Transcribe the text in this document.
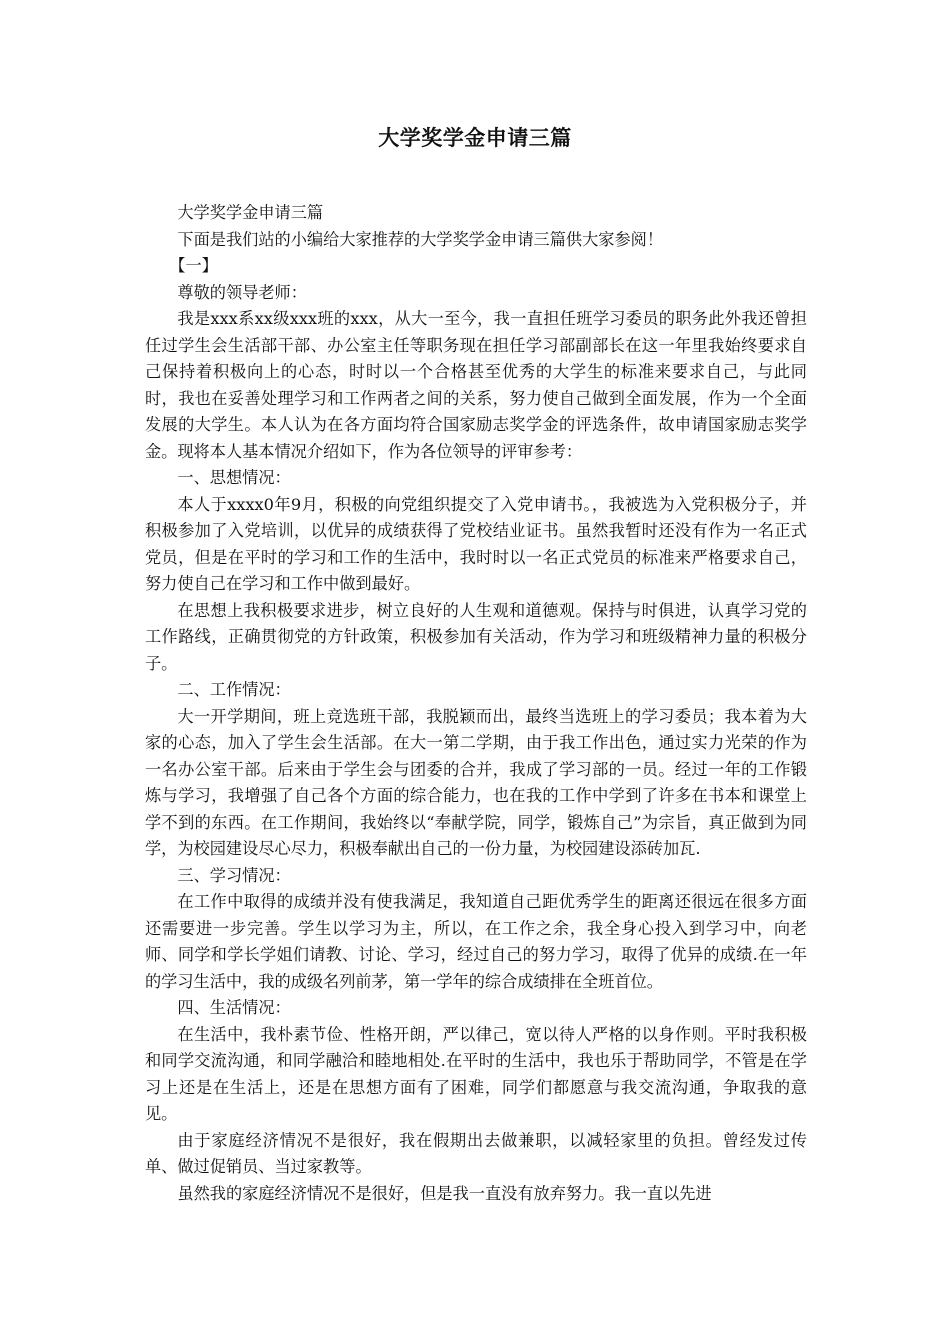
大学奖学金申请三篇

大学奖学金申请三篇

下面是我们站的小编给大家推荐的大学奖学金申请三篇供大家参阅！

【一】

尊敬的领导老师：

我是xxx系xx级xxx班的xxx，从大一至今，我一直担任班学习委员的职务此外我还曾担任过学生会生活部干部、办公室主任等职务现在担任学习部副部长在这一年里我始终要求自己保持着积极向上的心态，时时以一个合格甚至优秀的大学生的标准来要求自己，与此同时，我也在妥善处理学习和工作两者之间的关系，努力使自己做到全面发展，作为一个全面发展的大学生。本人认为在各方面均符合国家励志奖学金的评选条件，故申请国家励志奖学金。现将本人基本情况介绍如下，作为各位领导的评审参考：

一、思想情况：

本人于xxxx0年9月，积极的向党组织提交了入党申请书。，我被选为入党积极分子，并积极参加了入党培训，以优异的成绩获得了党校结业证书。虽然我暂时还没有作为一名正式党员，但是在平时的学习和工作的生活中，我时时以一名正式党员的标准来严格要求自己，努力使自己在学习和工作中做到最好。

在思想上我积极要求进步，树立良好的人生观和道德观。保持与时俱进，认真学习党的工作路线，正确贯彻党的方针政策，积极参加有关活动，作为学习和班级精神力量的积极分子。

二、工作情况：

大一开学期间，班上竞选班干部，我脱颖而出，最终当选班上的学习委员；我本着为大家的心态，加入了学生会生活部。在大一第二学期，由于我工作出色，通过实力光荣的作为一名办公室干部。后来由于学生会与团委的合并，我成了学习部的一员。经过一年的工作锻炼与学习，我增强了自己各个方面的综合能力，也在我的工作中学到了许多在书本和课堂上学不到的东西。在工作期间，我始终以“奉献学院，同学，锻炼自己”为宗旨，真正做到为同学，为校园建设尽心尽力，积极奉献出自己的一份力量，为校园建设添砖加瓦.

三、学习情况：

在工作中取得的成绩并没有使我满足，我知道自己距优秀学生的距离还很远在很多方面还需要进一步完善。学生以学习为主，所以，在工作之余，我全身心投入到学习中，向老师、同学和学长学姐们请教、讨论、学习，经过自己的努力学习，取得了优异的成绩.在一年的学习生活中，我的成级名列前茅，第一学年的综合成绩排在全班首位。

四、生活情况：

在生活中，我朴素节俭、性格开朗，严以律己，宽以待人严格的以身作则。平时我积极和同学交流沟通，和同学融洽和睦地相处.在平时的生活中，我也乐于帮助同学，不管是在学习上还是在生活上，还是在思想方面有了困难，同学们都愿意与我交流沟通，争取我的意见。

由于家庭经济情况不是很好，我在假期出去做兼职，以减轻家里的负担。曾经发过传单、做过促销员、当过家教等。

虽然我的家庭经济情况不是很好，但是我一直没有放弃努力。我一直以先进
